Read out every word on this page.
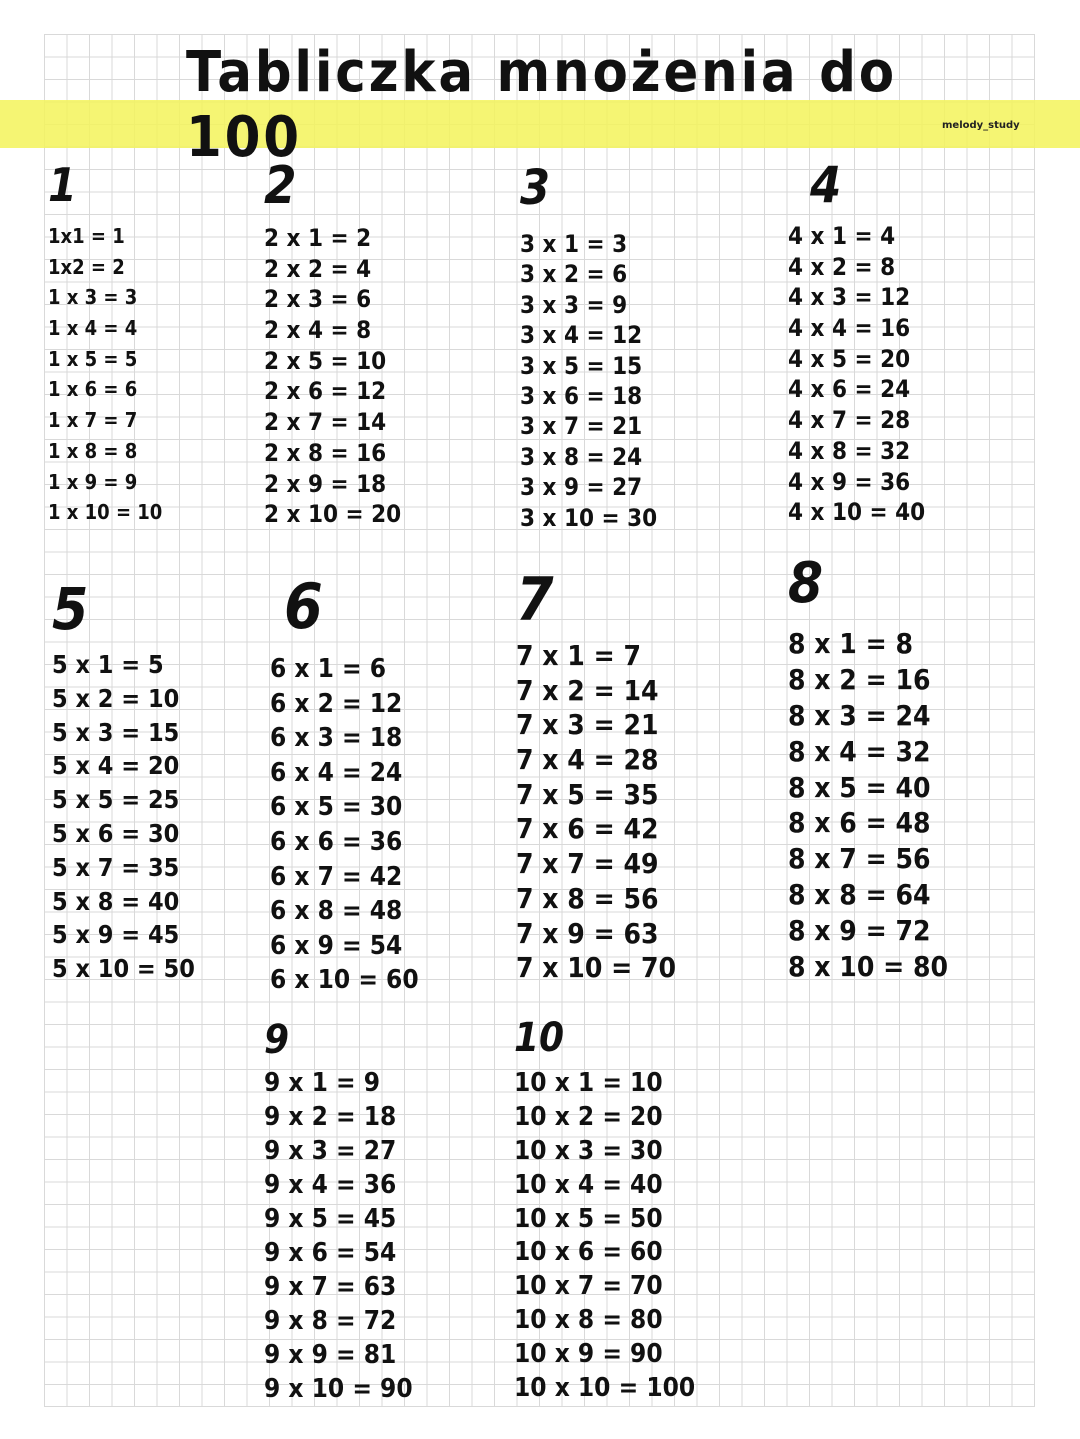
Tabliczka mnożenia do 100	melody_study
1
1x1 = 1
1x2 = 2
1 x 3 = 3
1 x 4 = 4
1 x 5 = 5
1 x 6 = 6
1 x 7 = 7
1 x 8 = 8
1 x 9 = 9
1 x 10 = 10
2
2 x 1 = 2
2 x 2 = 4
2 x 3 = 6
2 x 4 = 8
2 x 5 = 10
2 x 6 = 12
2 x 7 = 14
2 x 8 = 16
2 x 9 = 18
2 x 10 = 20
3
3 x 1 = 3
3 x 2 = 6
3 x 3 = 9
3 x 4 = 12
3 x 5 = 15
3 x 6 = 18
3 x 7 = 21
3 x 8 = 24
3 x 9 = 27
3 x 10 = 30
4
4 x 1 = 4
4 x 2 = 8
4 x 3 = 12
4 x 4 = 16
4 x 5 = 20
4 x 6 = 24
4 x 7 = 28
4 x 8 = 32
4 x 9 = 36
4 x 10 = 40
5
5 x 1 = 5
5 x 2 = 10
5 x 3 = 15
5 x 4 = 20
5 x 5 = 25
5 x 6 = 30
5 x 7 = 35
5 x 8 = 40
5 x 9 = 45
5 x 10 = 50
6
6 x 1 = 6
6 x 2 = 12
6 x 3 = 18
6 x 4 = 24
6 x 5 = 30
6 x 6 = 36
6 x 7 = 42
6 x 8 = 48
6 x 9 = 54
6 x 10 = 60
7
7 x 1 = 7
7 x 2 = 14
7 x 3 = 21
7 x 4 = 28
7 x 5 = 35
7 x 6 = 42
7 x 7 = 49
7 x 8 = 56
7 x 9 = 63
7 x 10 = 70
8
8 x 1 = 8
8 x 2 = 16
8 x 3 = 24
8 x 4 = 32
8 x 5 = 40
8 x 6 = 48
8 x 7 = 56
8 x 8 = 64
8 x 9 = 72
8 x 10 = 80
9
9 x 1 = 9
9 x 2 = 18
9 x 3 = 27
9 x 4 = 36
9 x 5 = 45
9 x 6 = 54
9 x 7 = 63
9 x 8 = 72
9 x 9 = 81
9 x 10 = 90
10
10 x 1 = 10
10 x 2 = 20
10 x 3 = 30
10 x 4 = 40
10 x 5 = 50
10 x 6 = 60
10 x 7 = 70
10 x 8 = 80
10 x 9 = 90
10 x 10 = 100
